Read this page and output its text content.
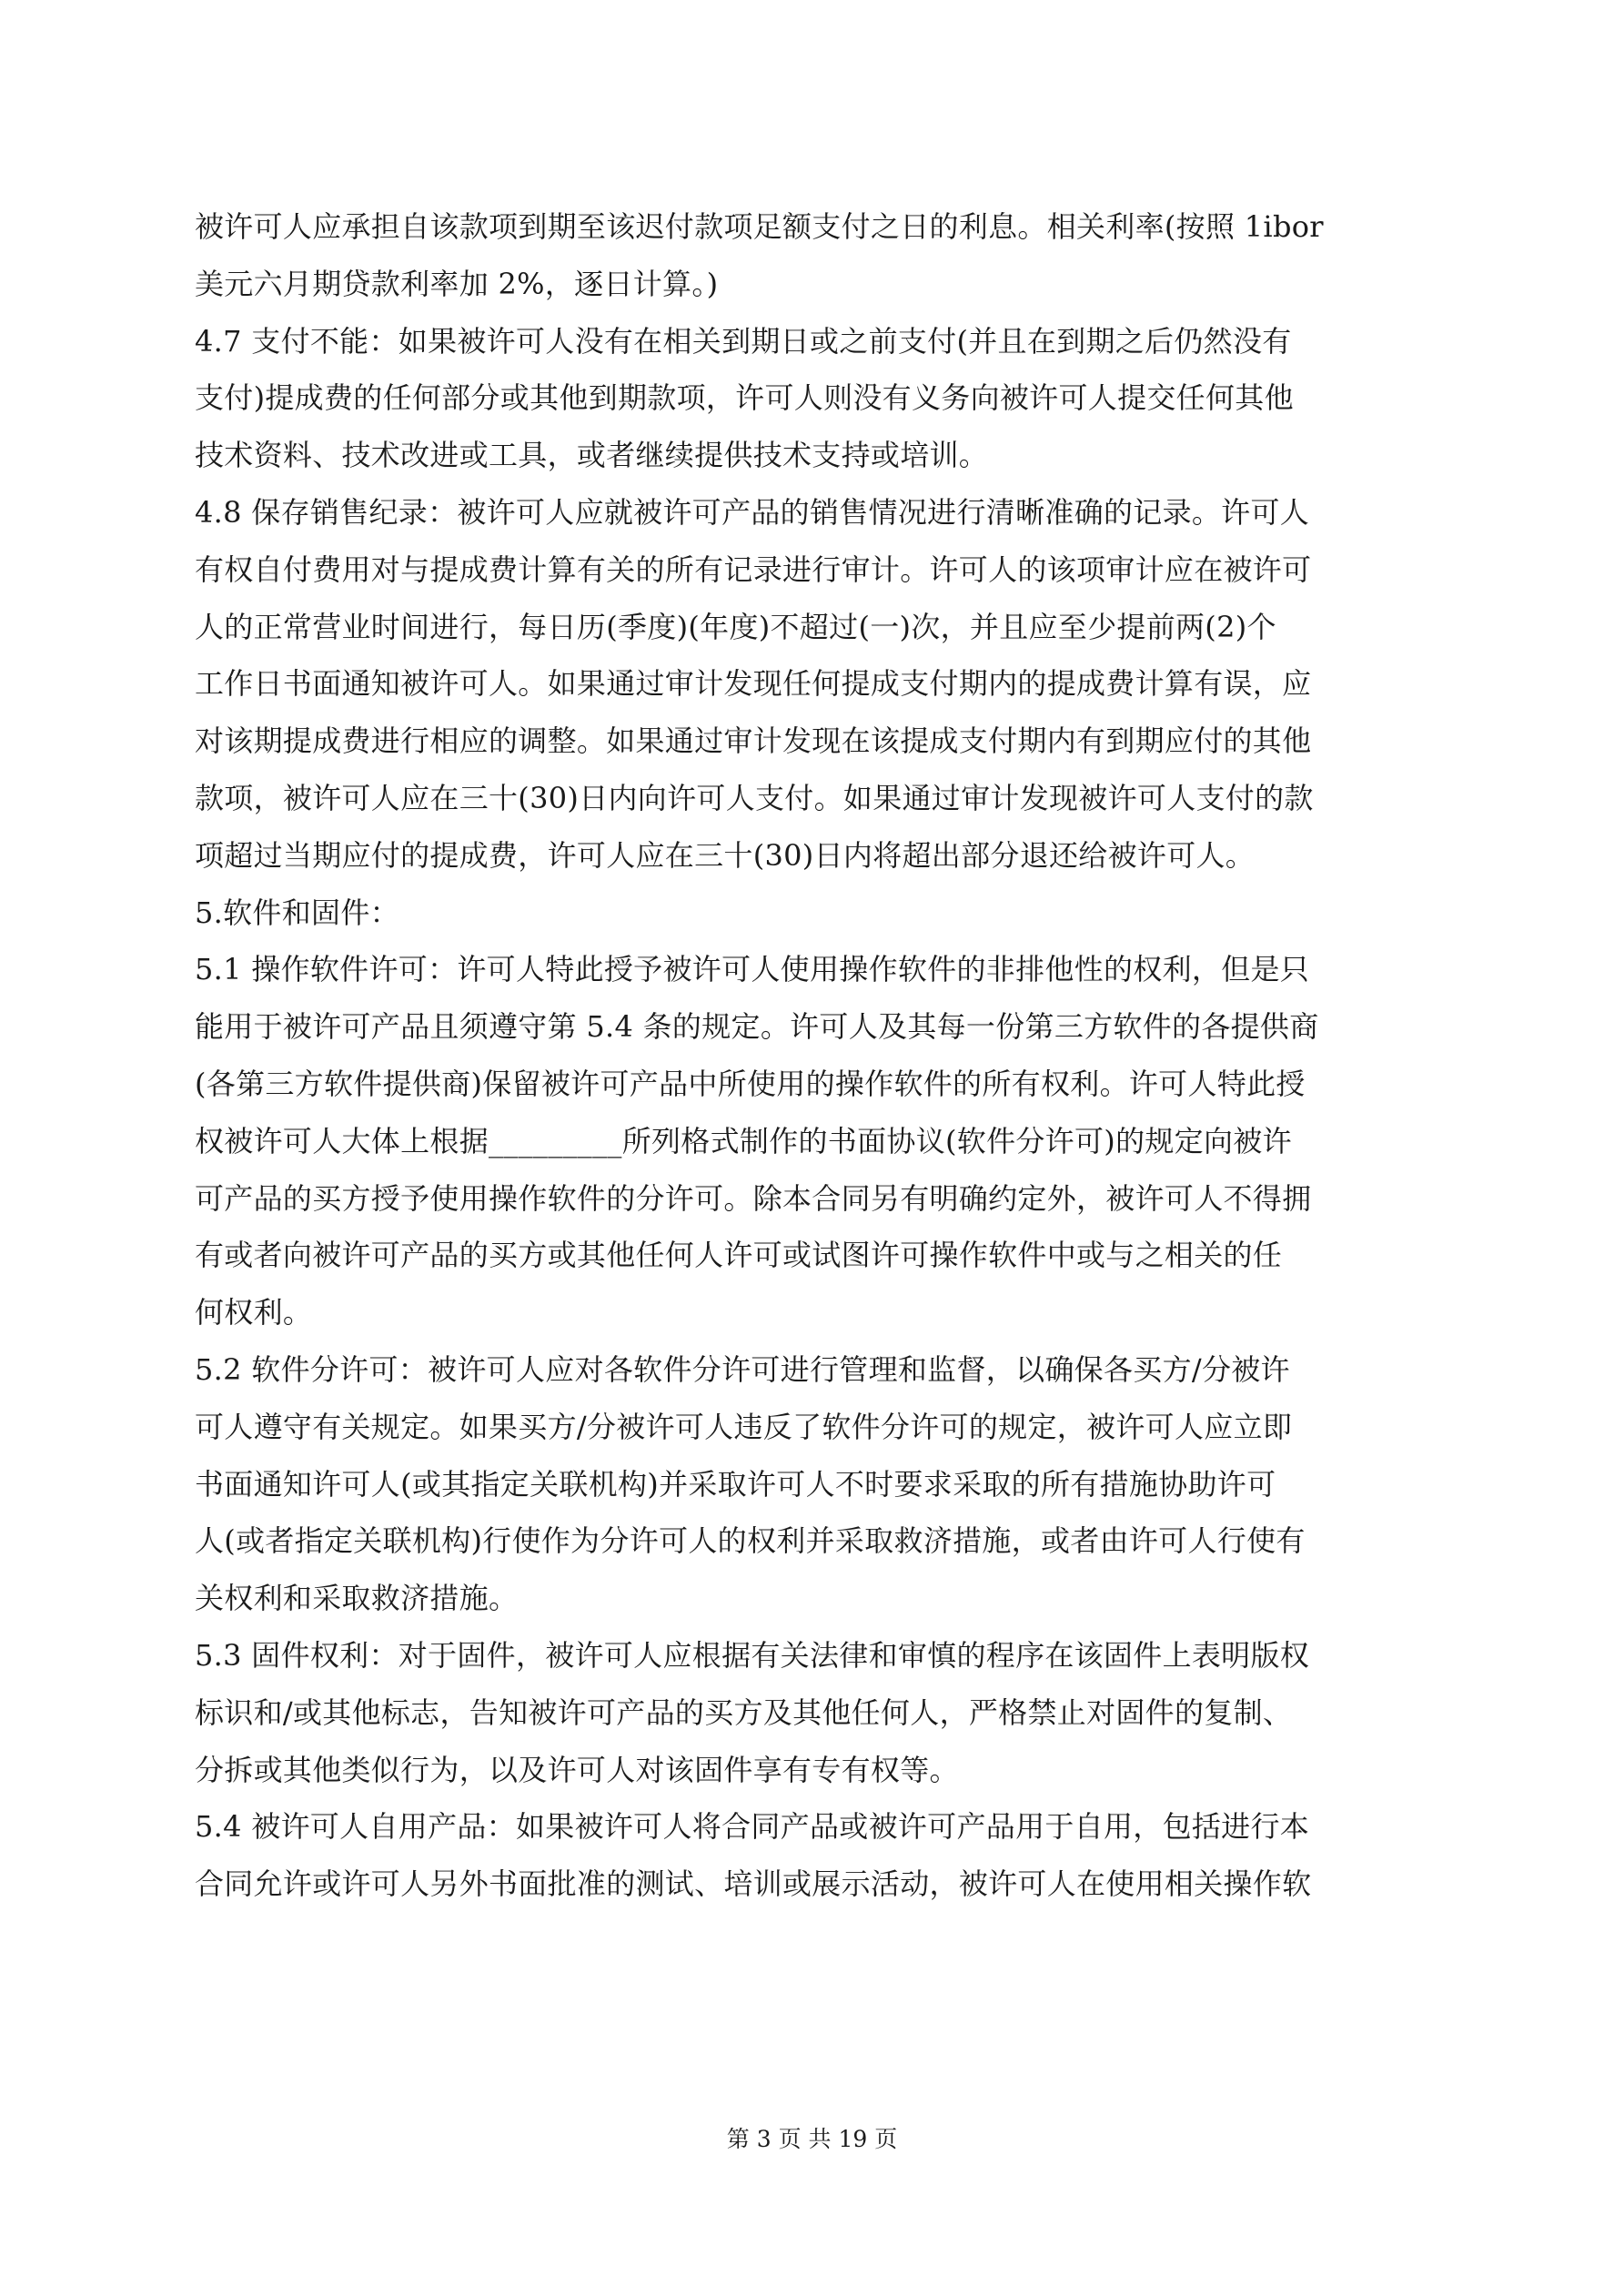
被许可人应承担自该款项到期至该迟付款项足额支付之日的利息。相关利率(按照 1ibor
美元六月期贷款利率加 2%，逐日计算。)
4.7 支付不能：如果被许可人没有在相关到期日或之前支付(并且在到期之后仍然没有
支付)提成费的任何部分或其他到期款项，许可人则没有义务向被许可人提交任何其他
技术资料、技术改进或工具，或者继续提供技术支持或培训。
4.8 保存销售纪录：被许可人应就被许可产品的销售情况进行清晰准确的记录。许可人
有权自付费用对与提成费计算有关的所有记录进行审计。许可人的该项审计应在被许可
人的正常营业时间进行，每日历(季度)(年度)不超过(一)次，并且应至少提前两(2)个
工作日书面通知被许可人。如果通过审计发现任何提成支付期内的提成费计算有误，应
对该期提成费进行相应的调整。如果通过审计发现在该提成支付期内有到期应付的其他
款项，被许可人应在三十(30)日内向许可人支付。如果通过审计发现被许可人支付的款
项超过当期应付的提成费，许可人应在三十(30)日内将超出部分退还给被许可人。
5.软件和固件：
5.1 操作软件许可：许可人特此授予被许可人使用操作软件的非排他性的权利，但是只
能用于被许可产品且须遵守第 5.4 条的规定。许可人及其每一份第三方软件的各提供商
(各第三方软件提供商)保留被许可产品中所使用的操作软件的所有权利。许可人特此授
权被许可人大体上根据_________所列格式制作的书面协议(软件分许可)的规定向被许
可产品的买方授予使用操作软件的分许可。除本合同另有明确约定外，被许可人不得拥
有或者向被许可产品的买方或其他任何人许可或试图许可操作软件中或与之相关的任
何权利。
5.2 软件分许可：被许可人应对各软件分许可进行管理和监督，以确保各买方/分被许
可人遵守有关规定。如果买方/分被许可人违反了软件分许可的规定，被许可人应立即
书面通知许可人(或其指定关联机构)并采取许可人不时要求采取的所有措施协助许可
人(或者指定关联机构)行使作为分许可人的权利并采取救济措施，或者由许可人行使有
关权利和采取救济措施。
5.3 固件权利：对于固件，被许可人应根据有关法律和审慎的程序在该固件上表明版权
标识和/或其他标志，告知被许可产品的买方及其他任何人，严格禁止对固件的复制、
分拆或其他类似行为，以及许可人对该固件享有专有权等。
5.4 被许可人自用产品：如果被许可人将合同产品或被许可产品用于自用，包括进行本
合同允许或许可人另外书面批准的测试、培训或展示活动，被许可人在使用相关操作软
第 3 页 共 19 页
